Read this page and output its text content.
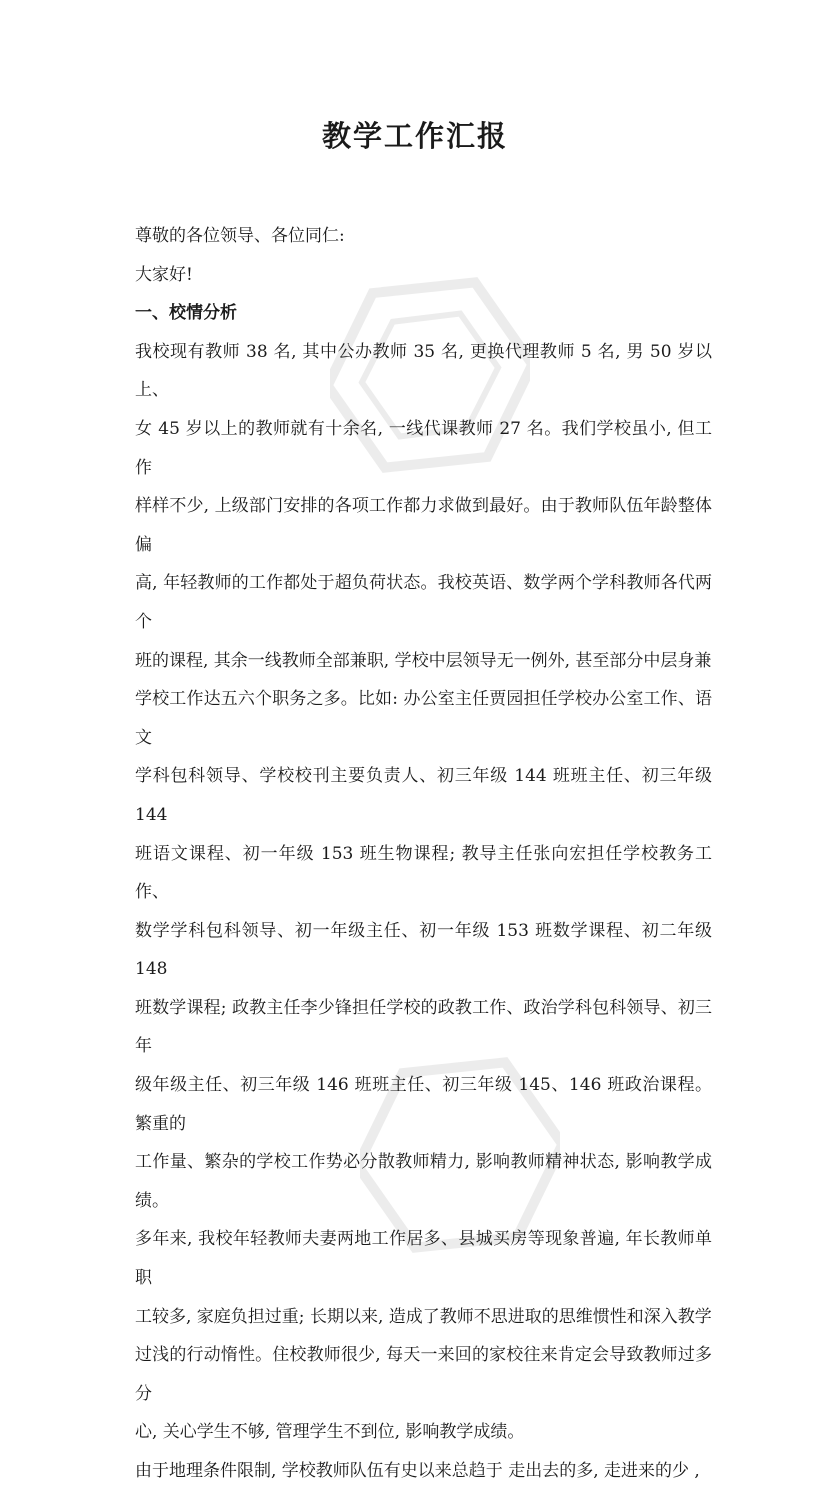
教学工作汇报

尊敬的各位领导、各位同仁:

大家好!

一、校情分析

我校现有教师 38 名, 其中公办教师 35 名, 更换代理教师 5 名, 男 50 岁以上、
女 45 岁以上的教师就有十余名, 一线代课教师 27 名。我们学校虽小, 但工作
样样不少, 上级部门安排的各项工作都力求做到最好。由于教师队伍年龄整体偏
高, 年轻教师的工作都处于超负荷状态。我校英语、数学两个学科教师各代两个
班的课程, 其余一线教师全部兼职, 学校中层领导无一例外, 甚至部分中层身兼
学校工作达五六个职务之多。比如: 办公室主任贾园担任学校办公室工作、语文
学科包科领导、学校校刊主要负责人、初三年级 144 班班主任、初三年级 144
班语文课程、初一年级 153 班生物课程; 教导主任张向宏担任学校教务工作、
数学学科包科领导、初一年级主任、初一年级 153 班数学课程、初二年级 148
班数学课程; 政教主任李少锋担任学校的政教工作、政治学科包科领导、初三年
级年级主任、初三年级 146 班班主任、初三年级 145、146 班政治课程。繁重的
工作量、繁杂的学校工作势必分散教师精力, 影响教师精神状态, 影响教学成绩。
多年来, 我校年轻教师夫妻两地工作居多、县城买房等现象普遍, 年长教师单职
工较多, 家庭负担过重; 长期以来, 造成了教师不思进取的思维惯性和深入教学
过浅的行动惰性。住校教师很少, 每天一来回的家校往来肯定会导致教师过多分
心, 关心学生不够, 管理学生不到位, 影响教学成绩。

由于地理条件限制, 学校教师队伍有史以来总趋于 走出去的多, 走进来的少 ,
